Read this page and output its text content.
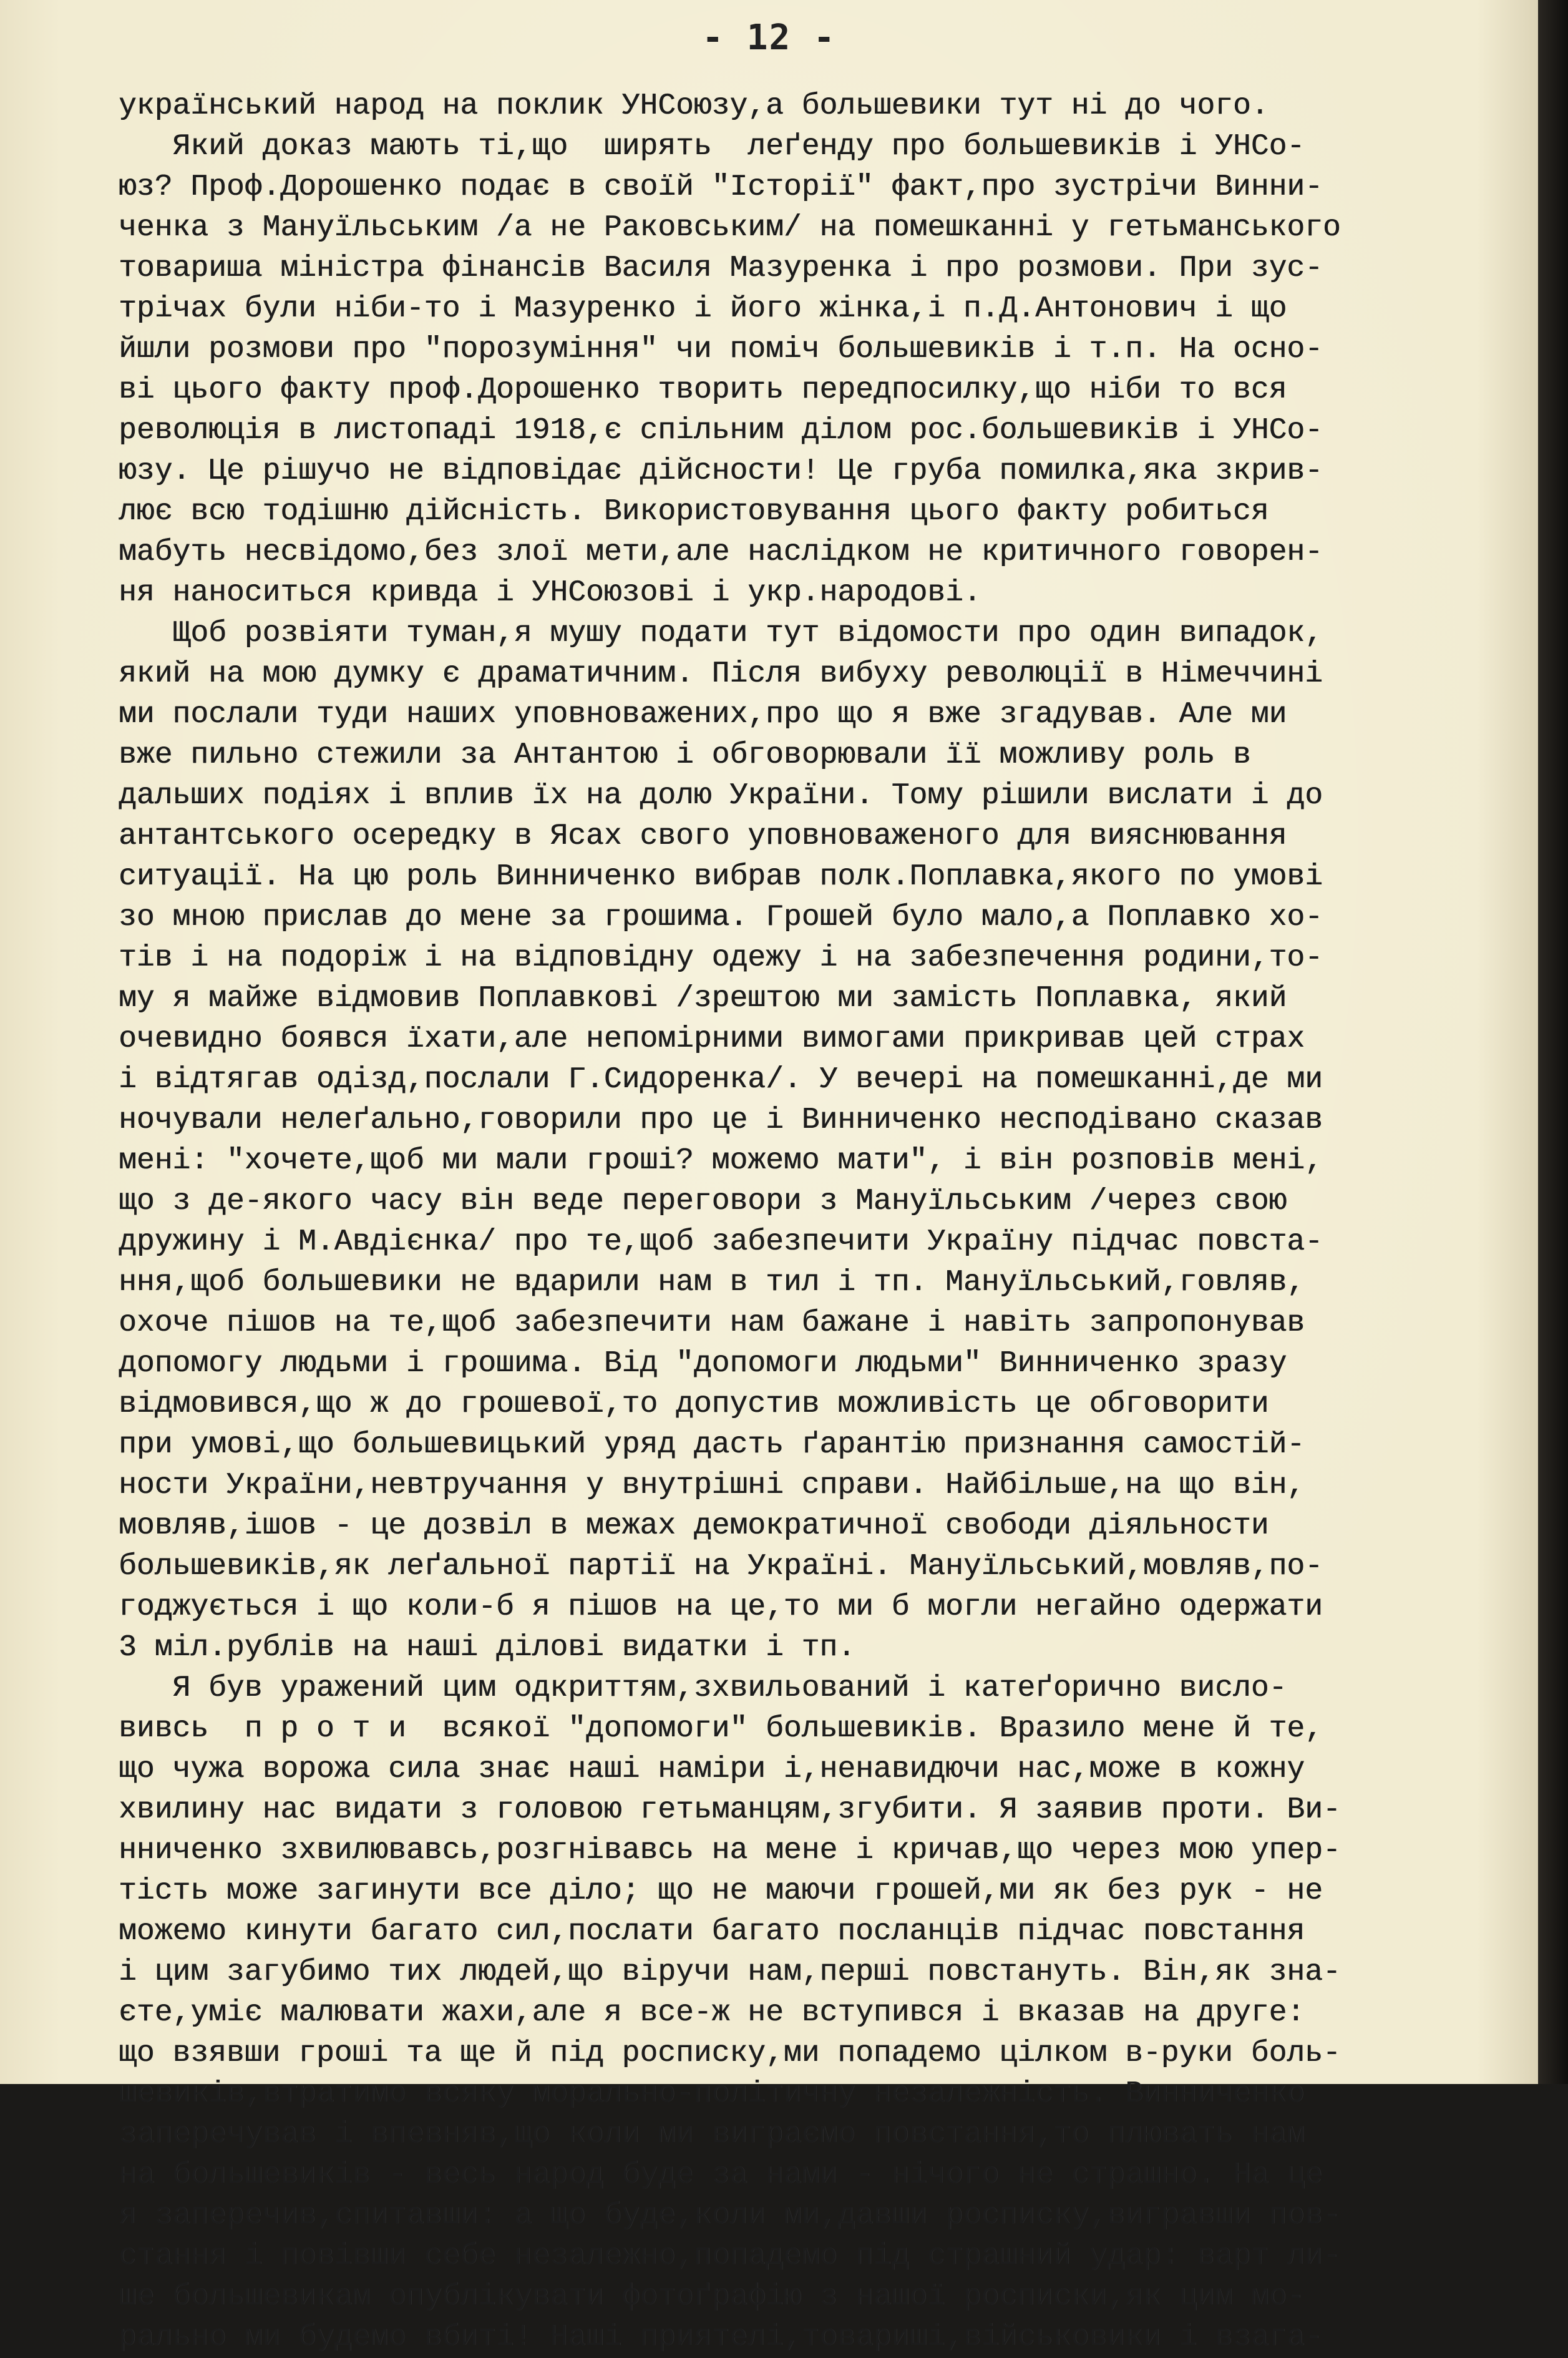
- 12 -
український народ на поклик УНСоюзу,а большевики тут ні до чого.
Який доказ мають ті,що  ширять  леґенду про большевиків і УНСо-
юз? Проф.Дорошенко подає в своїй "Історії" факт,про зустрічи Винни-
ченка з Мануїльським /а не Раковським/ на помешканні у гетьманського
товариша міністра фінансів Василя Мазуренка і про розмови. При зус-
трічах були ніби-то і Мазуренко і його жінка,і п.Д.Антонович і що
йшли розмови про "порозуміння" чи поміч большевиків і т.п. На осно-
ві цього факту проф.Дорошенко творить передпосилку,що ніби то вся
революція в листопаді 1918,є спільним ділом рос.большевиків і УНСо-
юзу. Це рішучо не відповідає дійсности! Це груба помилка,яка зкрив-
лює всю тодішню дійсність. Використовування цього факту робиться
мабуть несвідомо,без злої мети,але наслідком не критичного говорен-
ня наноситься кривда і УНСоюзові і укр.народові.
Щоб розвіяти туман,я мушу подати тут відомости про один випадок,
який на мою думку є драматичним. Після вибуху революції в Німеччині
ми послали туди наших уповноважених,про що я вже згадував. Але ми
вже пильно стежили за Антантою і обговорювали її можливу роль в
дальших подіях і вплив їх на долю України. Тому рішили вислати і до
антантського осередку в Ясах свого уповноваженого для вияснювання
ситуації. На цю роль Винниченко вибрав полк.Поплавка,якого по умові
зо мною прислав до мене за грошима. Грошей було мало,а Поплавко хо-
тів і на подоріж і на відповідну одежу і на забезпечення родини,то-
му я майже відмовив Поплавкові /зрештою ми замість Поплавка, який
очевидно боявся їхати,але непомірними вимогами прикривав цей страх
і відтягав одізд,послали Г.Сидоренка/. У вечері на помешканні,де ми
ночували нелеґально,говорили про це і Винниченко несподівано сказав
мені: "хочете,щоб ми мали гроші? можемо мати", і він розповів мені,
що з де-якого часу він веде переговори з Мануїльським /через свою
дружину і М.Авдієнка/ про те,щоб забезпечити Україну підчас повста-
ння,щоб большевики не вдарили нам в тил і тп. Мануїльський,говляв,
охоче пішов на те,щоб забезпечити нам бажане і навіть запропонував
допомогу людьми і грошима. Від "допомоги людьми" Винниченко зразу
відмовився,що ж до грошевої,то допустив можливість це обговорити
при умові,що большевицький уряд дасть ґарантію признання самостій-
ности України,невтручання у внутрішні справи. Найбільше,на що він,
мовляв,ішов - це дозвіл в межах демократичної свободи діяльности
большевиків,як леґальної партії на Україні. Мануїльський,мовляв,по-
годжується і що коли-б я пішов на це,то ми б могли негайно одержати
3 міл.рублів на наші ділові видатки і тп.
Я був уражений цим одкриттям,зхвильований і катеґорично вислo-
вивсь  п р о т и  всякої "допомоги" большевиків. Вразило мене й те,
що чужа ворожа сила знає наші наміри і,ненавидючи нас,може в кожну
хвилину нас видати з головою гетьманцям,згубити. Я заявив проти. Ви-
нниченко зхвилювавсь,розгнівавсь на мене і кричав,що через мою упер-
тість може загинути все діло; що не маючи грошей,ми як без рук - не
можемо кинути багато сил,послати багато посланців підчас повстання
і цим загубимо тих людей,що віручи нам,перші повстануть. Він,як зна-
єте,уміє малювати жахи,але я все-ж не вступився і вказав на друге:
що взявши гроші та ще й під росписку,ми попадемо цілком в-руки боль-
шевиків,втратимо всяку морально-політичну незалежність. Винниченко
заперечував і впевняв,що коли ми виграємо повстання,то плювать нам
на большевиків - весь народ буде за нами - нічого не страшно. На це
я заперечив,спитавши: а що буде,коли ми,давши росписку,вигравши пов-
стання і повівши себе незалежно,попадемо під страшний удар: варт ли-
ше большевикам опублікувати фотоґрафію з нашої росписки,як цим мо-
рально ми будемо вбиті! Наші приятелі,товариші,військовики і взага-
